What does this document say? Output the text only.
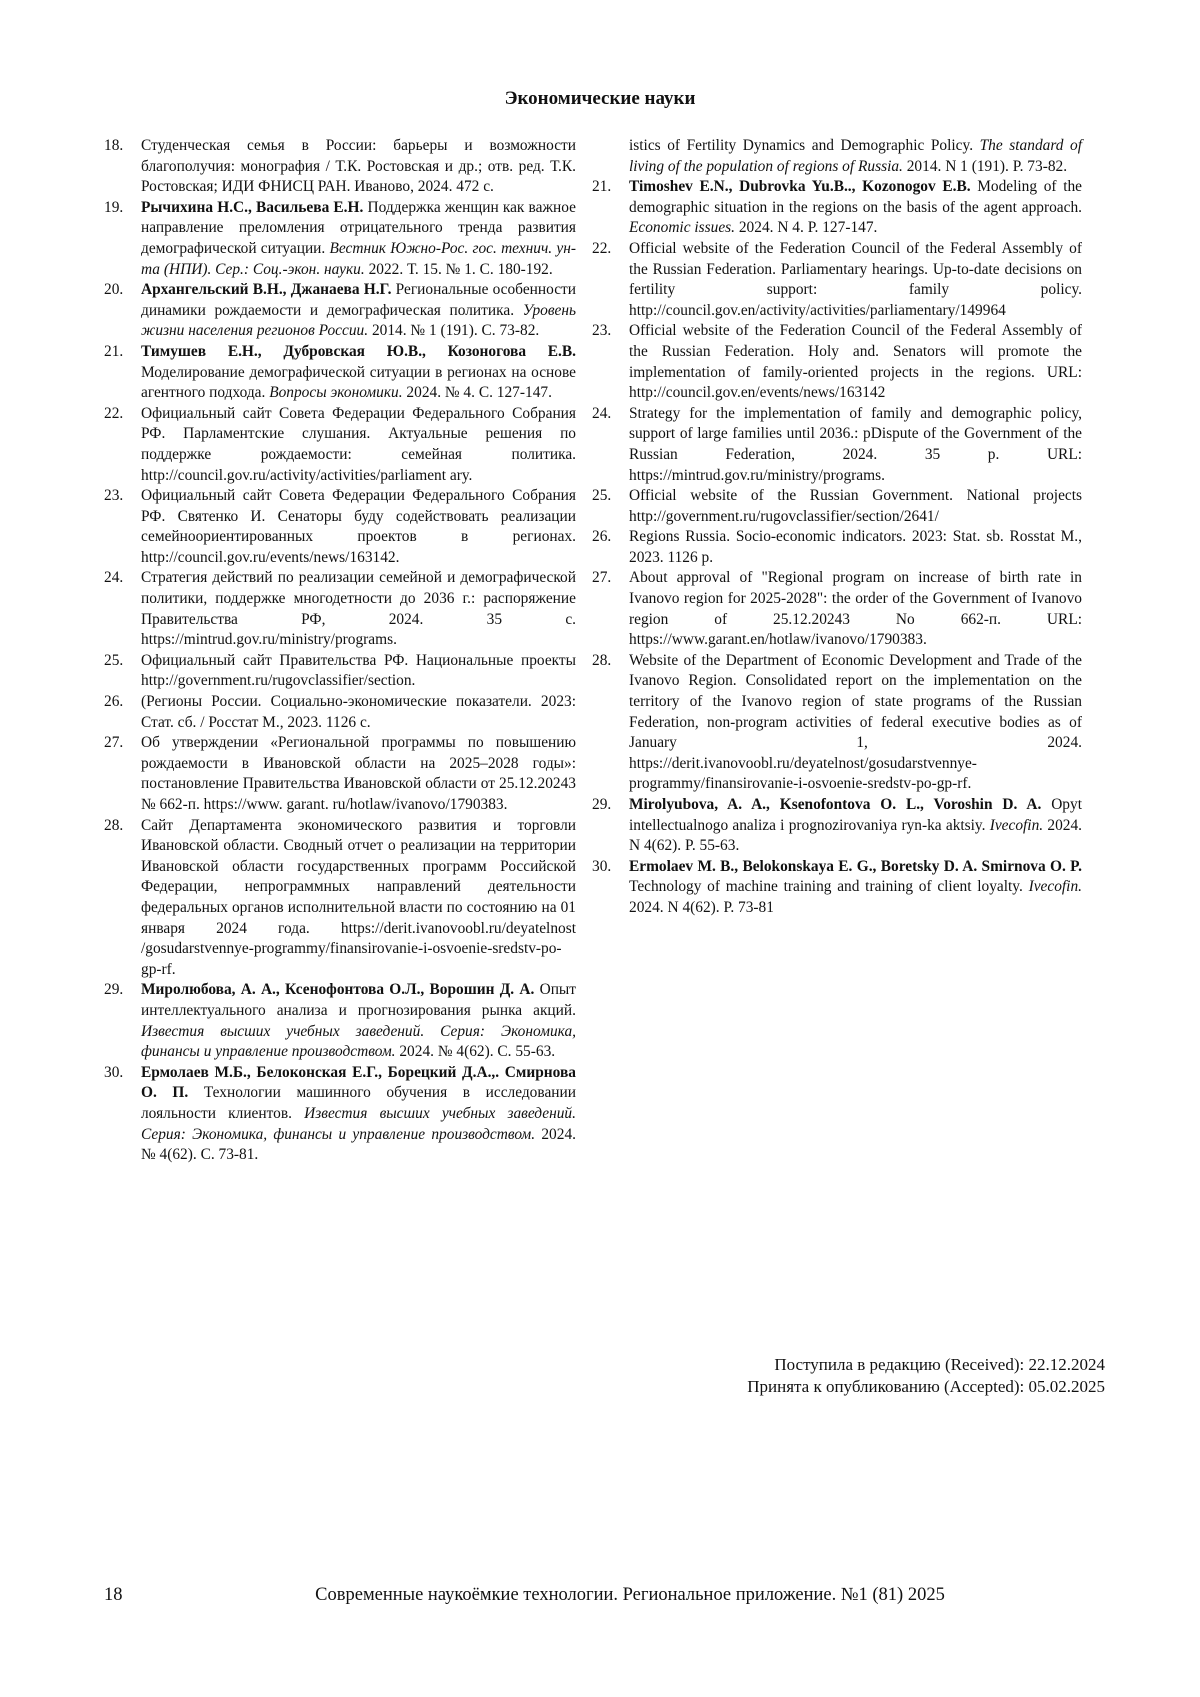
Экономические науки
18.	Студенческая семья в России: барьеры и возможности благополучия: монография / Т.К. Ростовская и др.; отв. ред. Т.К. Ростовская; ИДИ ФНИСЦ РАН. Иваново, 2024. 472 с.
19.	Рычихина Н.С., Васильева Е.Н. Поддержка женщин как важное направление преломления отрицательного тренда развития демографической ситуации. Вестник Южно-Рос. гос. технич. ун-та (НПИ). Сер.: Соц.-экон. науки. 2022. Т. 15. № 1. С. 180-192.
20.	Архангельский В.Н., Джанаева Н.Г. Региональные особенности динамики рождаемости и демографическая политика. Уровень жизни населения регионов России. 2014. № 1 (191). С. 73-82.
21.	Тимушев Е.Н., Дубровская Ю.В., Козоногова Е.В. Моделирование демографической ситуации в регионах на основе агентного подхода. Вопросы экономики. 2024. № 4. С. 127-147.
22.	Официальный сайт Совета Федерации Федерального Собрания РФ. Парламентские слушания. Актуальные решения по поддержке рождаемости: семейная политика. http://council.gov.ru/activity/activities/parliament ary.
23.	Официальный сайт Совета Федерации Федерального Собрания РФ. Святенко И. Сенаторы буду содействовать реализации семейноориентированных проектов в регионах. http://council.gov.ru/events/news/163142.
24.	Стратегия действий по реализации семейной и демографической политики, поддержке многодетности до 2036 г.: распоряжение Правительства РФ, 2024. 35 с. https://mintrud.gov.ru/ministry/programs.
25.	Официальный сайт Правительства РФ. Национальные проекты http://government.ru/rugovclassifier/section.
26.	(Регионы России. Социально-экономические показатели. 2023: Стат. сб. / Росстат М., 2023. 1126 с.
27.	Об утверждении «Региональной программы по повышению рождаемости в Ивановской области на 2025–2028 годы»: постановление Правительства Ивановской области от 25.12.20243 № 662-п. https://www. garant. ru/hotlaw/ivanovo/1790383.
28.	Сайт Департамента экономического развития и торговли Ивановской области. Сводный отчет о реализации на территории Ивановской области государственных программ Российской Федерации, непрограммных направлений деятельности федеральных органов исполнительной власти по состоянию на 01 января 2024 года. https://derit.ivanovoobl.ru/deyatelnost /gosudarstvennye-programmy/finansirovanie-i-osvoenie-sredstv-po-gp-rf.
29.	Миролюбова, А. А., Ксенофонтова О.Л., Ворошин Д. А. Опыт интеллектуального анализа и прогнозирования рынка акций. Известия высших учебных заведений. Серия: Экономика, финансы и управление производством. 2024. № 4(62). С. 55-63.
30.	Ермолаев М.Б., Белоконская Е.Г., Борецкий Д.А.,. Смирнова О. П. Технологии машинного обучения в исследовании лояльности клиентов. Известия высших учебных заведений. Серия: Экономика, финансы и управление производством. 2024. № 4(62). С. 73-81.
istics of Fertility Dynamics and Demographic Policy. The standard of living of the population of regions of Russia. 2014. N 1 (191). P. 73-82.
21.	Timoshev E.N., Dubrovka Yu.B.., Kozonogov E.B. Modeling of the demographic situation in the regions on the basis of the agent approach. Economic issues. 2024. N 4. P. 127-147.
22.	Official website of the Federation Council of the Federal Assembly of the Russian Federation. Parliamentary hearings. Up-to-date decisions on fertility support: family policy. http://council.gov.en/activity/activities/parliamentary/149964
23.	Official website of the Federation Council of the Federal Assembly of the Russian Federation. Holy and. Senators will promote the implementation of family-oriented projects in the regions. URL: http://council.gov.en/events/news/163142
24.	Strategy for the implementation of family and demographic policy, support of large families until 2036.: pDispute of the Government of the Russian Federation, 2024. 35 p. URL: https://mintrud.gov.ru/ministry/programs.
25.	Official website of the Russian Government. National projects http://government.ru/rugovclassifier/section/2641/
26.	Regions Russia. Socio-economic indicators. 2023: Stat. sb. Rosstat M., 2023. 1126 p.
27.	About approval of "Regional program on increase of birth rate in Ivanovo region for 2025-2028": the order of the Government of Ivanovo region of 25.12.20243 No 662-п. URL: https://www.garant.en/hotlaw/ivanovo/1790383.
28.	Website of the Department of Economic Development and Trade of the Ivanovo Region. Consolidated report on the implementation on the territory of the Ivanovo region of state programs of the Russian Federation, non-program activities of federal executive bodies as of January 1, 2024. https://derit.ivanovoobl.ru/deyatelnost/gosudarstvennye-programmy/finansirovanie-i-osvoenie-sredstv-po-gp-rf.
29.	Mirolyubova, A. A., Ksenofontova O. L., Voroshin D. A. Opyt intellectualnogo analiza i prognozirovaniya ryn-ka aktsiy. Ivecofin. 2024. N 4(62). P. 55-63.
30.	Ermolaev M. B., Belokonskaya E. G., Boretsky D. A. Smirnova O. P. Technology of machine training and training of client loyalty. Ivecofin. 2024. N 4(62). P. 73-81
Поступила в редакцию (Received): 22.12.2024
Принята к опубликованию (Accepted): 05.02.2025
18	Современные наукоёмкие технологии. Региональное приложение. №1 (81) 2025
